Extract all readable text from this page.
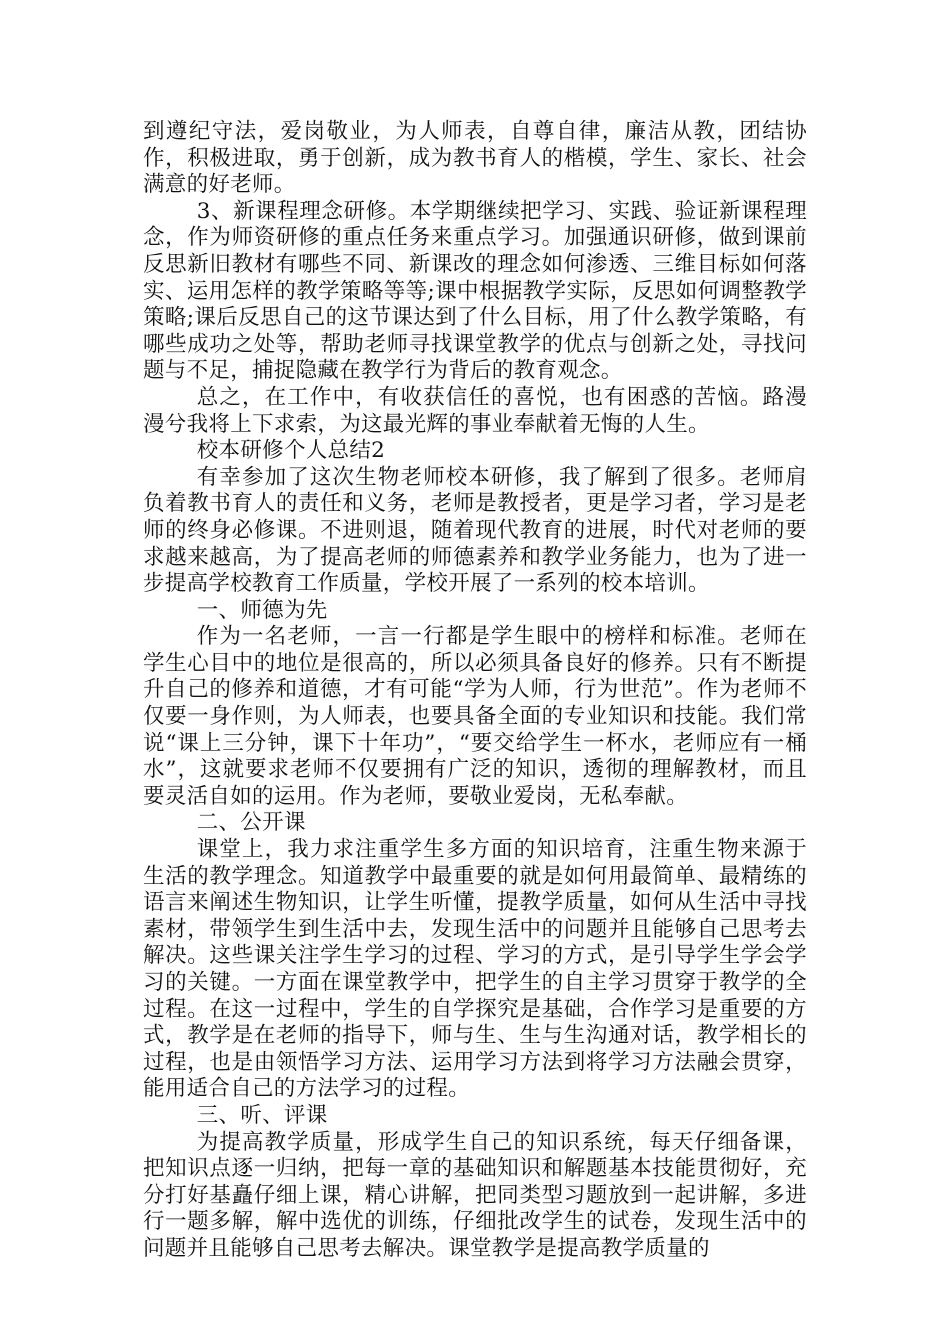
到遵纪守法，爱岗敬业，为人师表，自尊自律，廉洁从教，团结协作，积极进取，勇于创新，成为教书育人的楷模，学生、家长、社会满意的好老师。

3、新课程理念研修。本学期继续把学习、实践、验证新课程理念，作为师资研修的重点任务来重点学习。加强通识研修，做到课前反思新旧教材有哪些不同、新课改的理念如何渗透、三维目标如何落实、运用怎样的教学策略等等;课中根据教学实际，反思如何调整教学策略;课后反思自己的这节课达到了什么目标，用了什么教学策略，有哪些成功之处等，帮助老师寻找课堂教学的优点与创新之处，寻找问题与不足，捕捉隐藏在教学行为背后的教育观念。

总之，在工作中，有收获信任的喜悦，也有困惑的苦恼。路漫漫兮我将上下求索，为这最光辉的事业奉献着无悔的人生。

校本研修个人总结2

有幸参加了这次生物老师校本研修，我了解到了很多。老师肩负着教书育人的责任和义务，老师是教授者，更是学习者，学习是老师的终身必修课。不进则退，随着现代教育的进展，时代对老师的要求越来越高，为了提高老师的师德素养和教学业务能力，也为了进一步提高学校教育工作质量，学校开展了一系列的校本培训。

一、师德为先

作为一名老师，一言一行都是学生眼中的榜样和标准。老师在学生心目中的地位是很高的，所以必须具备良好的修养。只有不断提升自己的修养和道德，才有可能“学为人师，行为世范”。作为老师不仅要一身作则，为人师表，也要具备全面的专业知识和技能。我们常说“课上三分钟，课下十年功”，“要交给学生一杯水，老师应有一桶水”，这就要求老师不仅要拥有广泛的知识，透彻的理解教材，而且要灵活自如的运用。作为老师，要敬业爱岗，无私奉献。

二、公开课

课堂上，我力求注重学生多方面的知识培育，注重生物来源于生活的教学理念。知道教学中最重要的就是如何用最简单、最精练的语言来阐述生物知识，让学生听懂，提教学质量，如何从生活中寻找素材，带领学生到生活中去，发现生活中的问题并且能够自己思考去解决。这些课关注学生学习的过程、学习的方式，是引导学生学会学习的关键。一方面在课堂教学中，把学生的自主学习贯穿于教学的全过程。在这一过程中，学生的自学探究是基础，合作学习是重要的方式，教学是在老师的指导下，师与生、生与生沟通对话，教学相长的过程，也是由领悟学习方法、运用学习方法到将学习方法融会贯穿，能用适合自己的方法学习的过程。

三、听、评课

为提高教学质量，形成学生自己的知识系统，每天仔细备课，把知识点逐一归纳，把每一章的基础知识和解题基本技能贯彻好，充分打好基矗仔细上课，精心讲解，把同类型习题放到一起讲解，多进行一题多解，解中选优的训练，仔细批改学生的试卷，发现生活中的问题并且能够自己思考去解决。课堂教学是提高教学质量的
